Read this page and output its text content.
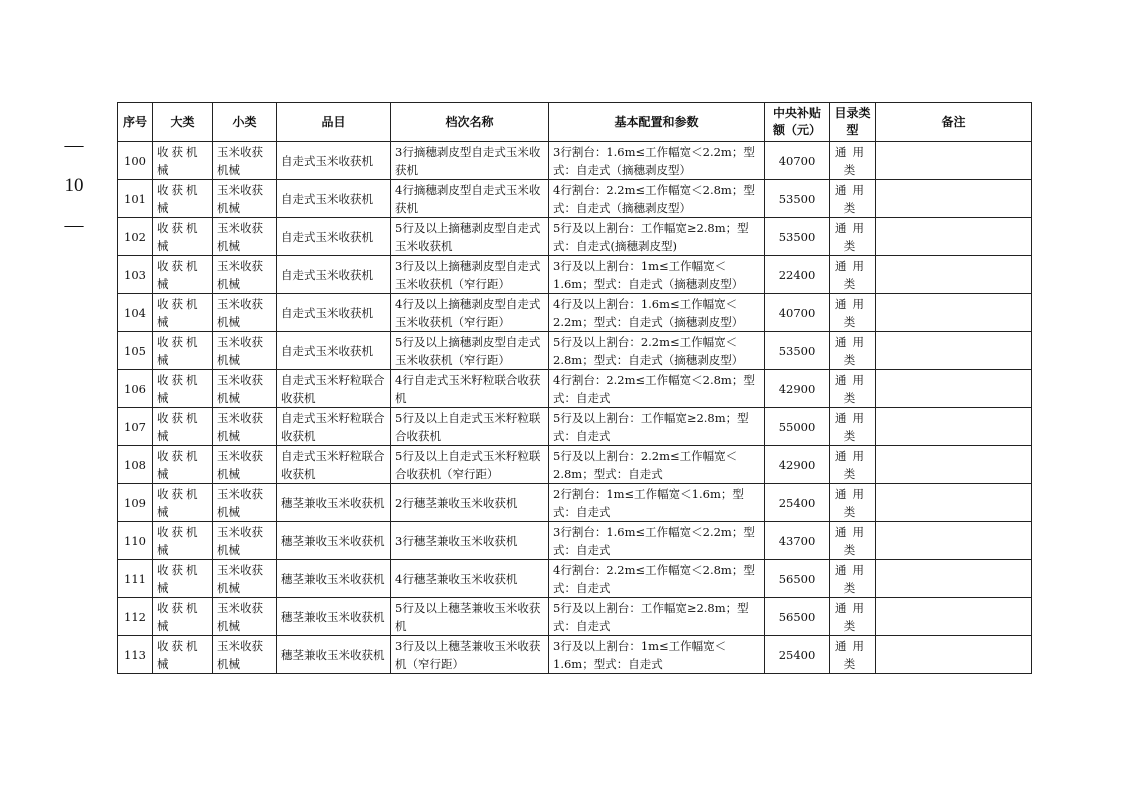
—
10
—
序号	大类	小类	品目	档次名称	基本配置和参数	中央补贴额（元）	目录类型	备注
100	收获机械	玉米收获机械	自走式玉米收获机	3行摘穗剥皮型自走式玉米收获机	3行割台：1.6m≤工作幅宽＜2.2m；型式：自走式（摘穗剥皮型）	40700	通用类	
101	收获机械	玉米收获机械	自走式玉米收获机	4行摘穗剥皮型自走式玉米收获机	4行割台：2.2m≤工作幅宽＜2.8m；型式：自走式（摘穗剥皮型）	53500	通用类	
102	收获机械	玉米收获机械	自走式玉米收获机	5行及以上摘穗剥皮型自走式玉米收获机	5行及以上割台：工作幅宽≥2.8m；型式：自走式(摘穗剥皮型)	53500	通用类	
103	收获机械	玉米收获机械	自走式玉米收获机	3行及以上摘穗剥皮型自走式玉米收获机（窄行距）	3行及以上割台：1m≤工作幅宽＜1.6m；型式：自走式（摘穗剥皮型）	22400	通用类	
104	收获机械	玉米收获机械	自走式玉米收获机	4行及以上摘穗剥皮型自走式玉米收获机（窄行距）	4行及以上割台：1.6m≤工作幅宽＜2.2m；型式：自走式（摘穗剥皮型）	40700	通用类	
105	收获机械	玉米收获机械	自走式玉米收获机	5行及以上摘穗剥皮型自走式玉米收获机（窄行距）	5行及以上割台：2.2m≤工作幅宽＜2.8m；型式：自走式（摘穗剥皮型）	53500	通用类	
106	收获机械	玉米收获机械	自走式玉米籽粒联合收获机	4行自走式玉米籽粒联合收获机	4行割台：2.2m≤工作幅宽＜2.8m；型式：自走式	42900	通用类	
107	收获机械	玉米收获机械	自走式玉米籽粒联合收获机	5行及以上自走式玉米籽粒联合收获机	5行及以上割台：工作幅宽≥2.8m；型式：自走式	55000	通用类	
108	收获机械	玉米收获机械	自走式玉米籽粒联合收获机	5行及以上自走式玉米籽粒联合收获机（窄行距）	5行及以上割台：2.2m≤工作幅宽＜2.8m；型式：自走式	42900	通用类	
109	收获机械	玉米收获机械	穗茎兼收玉米收获机	2行穗茎兼收玉米收获机	2行割台：1m≤工作幅宽＜1.6m；型式：自走式	25400	通用类	
110	收获机械	玉米收获机械	穗茎兼收玉米收获机	3行穗茎兼收玉米收获机	3行割台：1.6m≤工作幅宽＜2.2m；型式：自走式	43700	通用类	
111	收获机械	玉米收获机械	穗茎兼收玉米收获机	4行穗茎兼收玉米收获机	4行割台：2.2m≤工作幅宽＜2.8m；型式：自走式	56500	通用类	
112	收获机械	玉米收获机械	穗茎兼收玉米收获机	5行及以上穗茎兼收玉米收获机	5行及以上割台：工作幅宽≥2.8m；型式：自走式	56500	通用类	
113	收获机械	玉米收获机械	穗茎兼收玉米收获机	3行及以上穗茎兼收玉米收获机（窄行距）	3行及以上割台：1m≤工作幅宽＜1.6m；型式：自走式	25400	通用类	
